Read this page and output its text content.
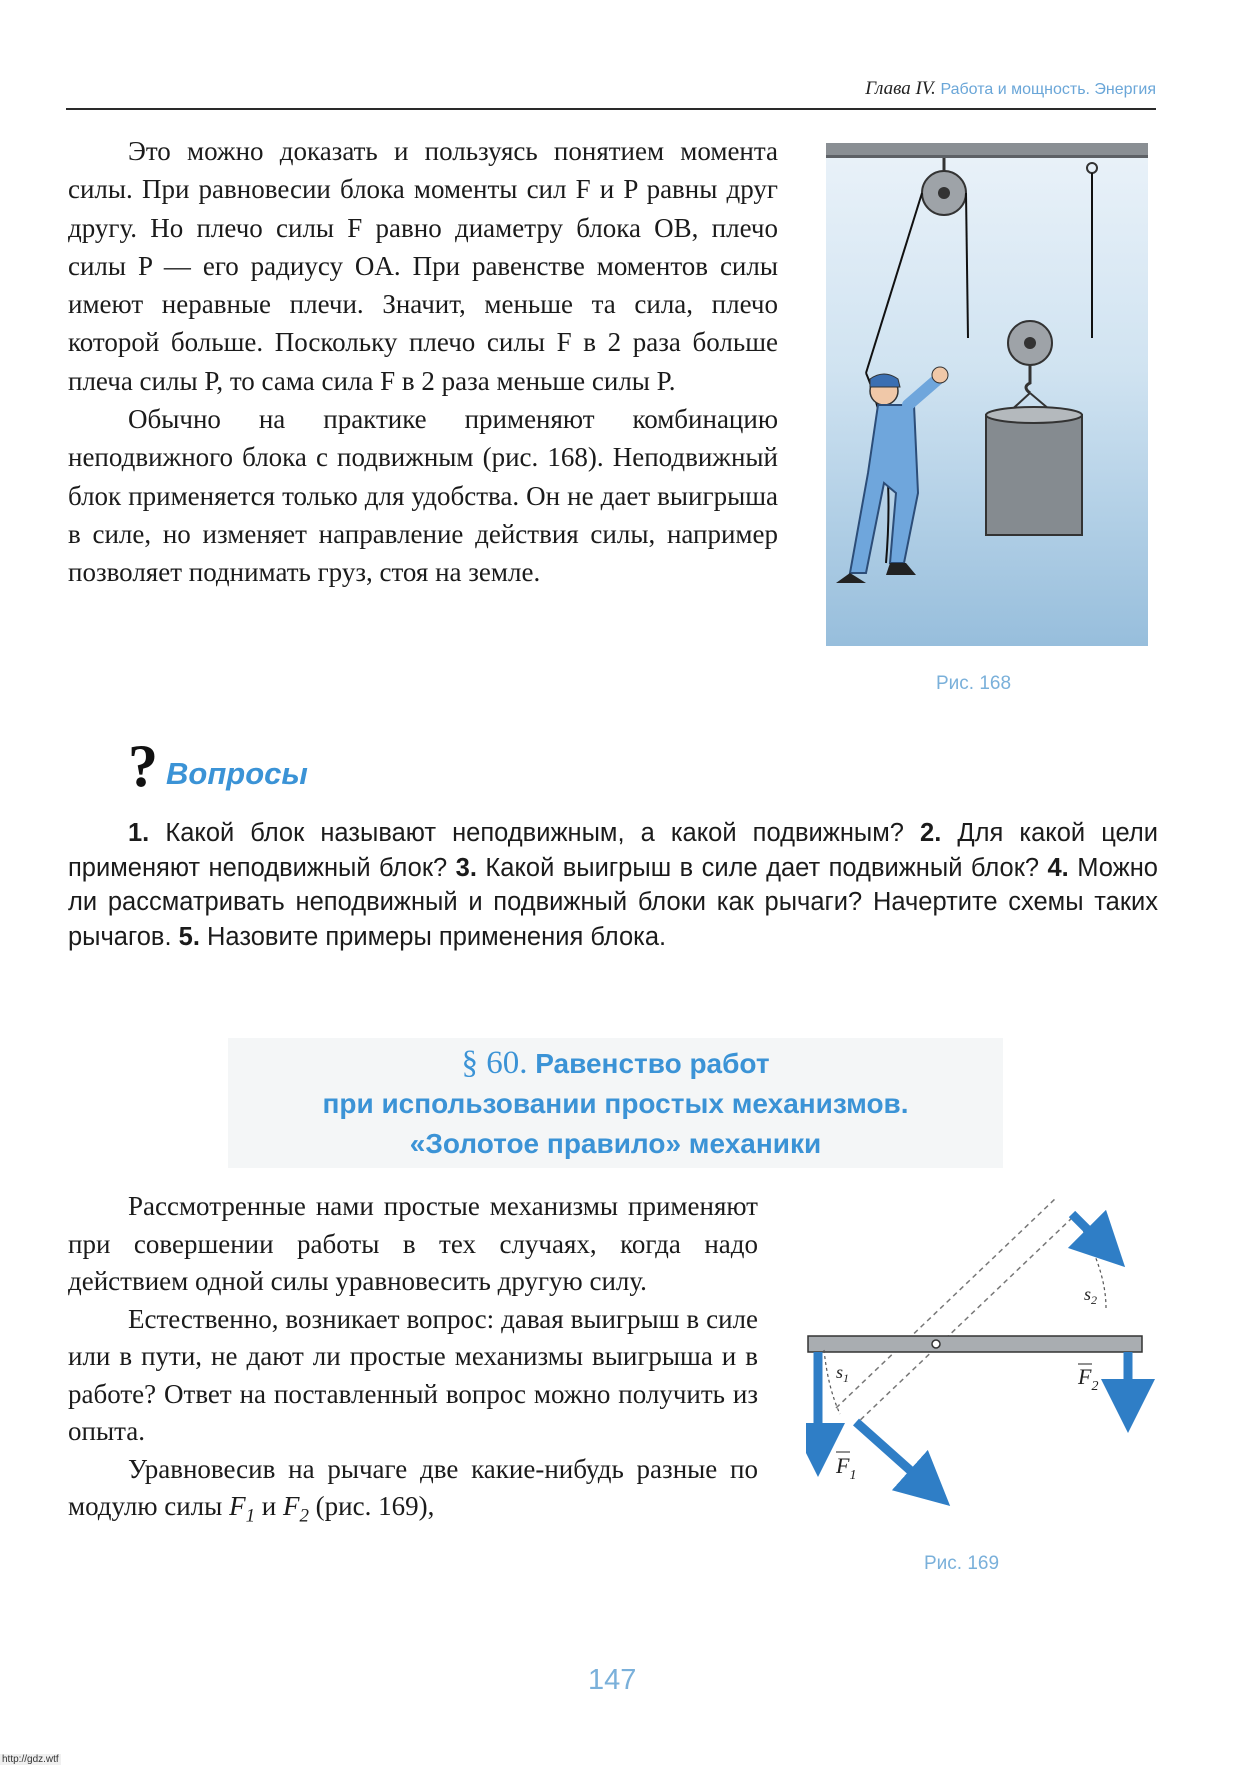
Глава IV. Работа и мощность. Энергия

Это можно доказать и пользуясь понятием момента силы. При равновесии блока моменты сил F и P равны друг другу. Но плечо силы F равно диаметру блока OB, плечо силы P — его радиусу OA. При равенстве моментов силы имеют неравные плечи. Значит, меньше та сила, плечо которой больше. Поскольку плечо силы F в 2 раза больше плеча силы P, то сама сила F в 2 раза меньше силы P.

Обычно на практике применяют комбинацию неподвижного блока с подвижным (рис. 168). Неподвижный блок применяется только для удобства. Он не дает выигрыша в силе, но изменяет направление действия силы, например позволяет поднимать груз, стоя на земле.

Рис. 168
? Вопросы

1. Какой блок называют неподвижным, а какой подвижным? 2. Для какой цели применяют неподвижный блок? 3. Какой выигрыш в силе дает подвижный блок? 4. Можно ли рассматривать неподвижный и подвижный блоки как рычаги? Начертите схемы таких рычагов. 5. Назовите примеры применения блока.

§ 60. Равенство работ
при использовании простых механизмов.
«Золотое правило» механики

Рассмотренные нами простые механизмы применяют при совершении работы в тех случаях, когда надо действием одной силы уравновесить другую силу.

Естественно, возникает вопрос: давая выигрыш в силе или в пути, не дают ли простые механизмы выигрыша и в работе? Ответ на поставленный вопрос можно получить из опыта.

Уравновесив на рычаге две какие-нибудь разные по модулю силы $F_1$ и $F_2$ (рис. 169),

$s_1$
$s_2$
$F_1$
$F_2$
Рис. 169
147
http://gdz.wtf
